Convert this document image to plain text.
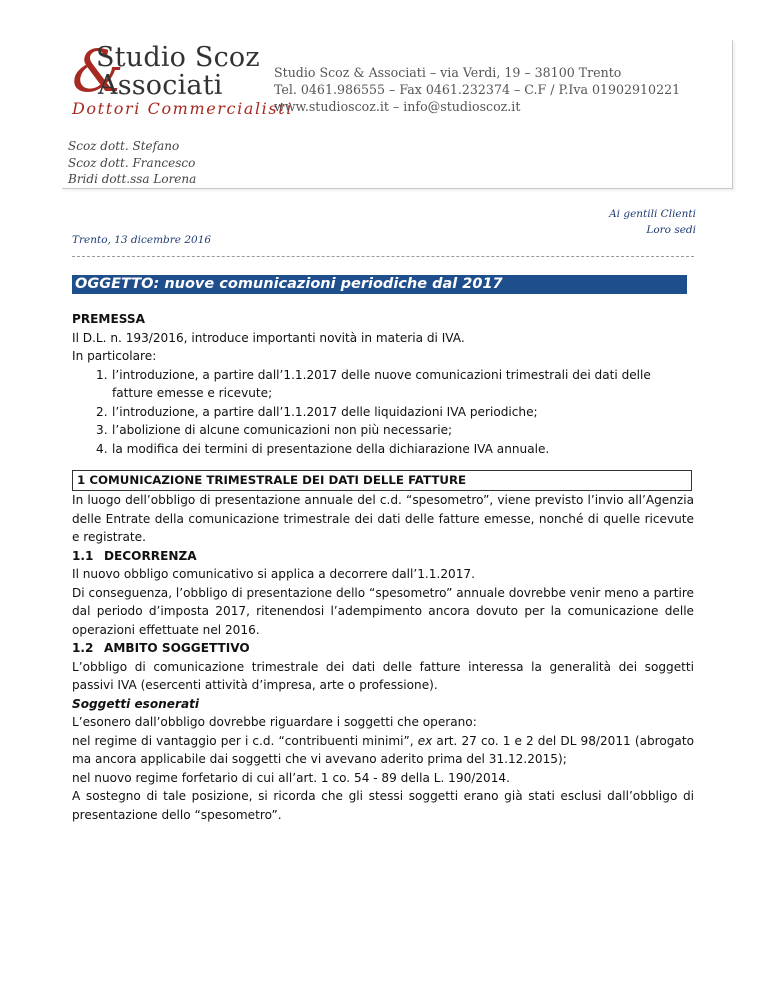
&
Studio Scoz
Associati
Dottori Commercialisti
Studio Scoz & Associati – via Verdi, 19 – 38100 Trento
Tel. 0461.986555 – Fax 0461.232374 – C.F / P.Iva 01902910221
www.studioscoz.it – info@studioscoz.it
Scoz dott. Stefano
Scoz dott. Francesco
Bridi dott.ssa Lorena
Ai gentili Clienti
Loro sedi
Trento, 13 dicembre 2016
OGGETTO: nuove comunicazioni periodiche dal 2017

PREMESSA

Il D.L. n. 193/2016, introduce importanti novità in materia di IVA.

In particolare:

1. l’introduzione, a partire dall’1.1.2017 delle nuove comunicazioni trimestrali dei dati delle fatture emesse e ricevute;
2. l’introduzione, a partire dall’1.1.2017 delle liquidazioni IVA periodiche;
3. l’abolizione di alcune comunicazioni non più necessarie;
4. la modifica dei termini di presentazione della dichiarazione IVA annuale.
1 COMUNICAZIONE TRIMESTRALE DEI DATI DELLE FATTURE

In luogo dell’obbligo di presentazione annuale del c.d. “spesometro”, viene previsto l’invio all’Agenzia delle Entrate della comunicazione trimestrale dei dati delle fatture emesse, nonché di quelle ricevute e registrate.

1.1 DECORRENZA

Il nuovo obbligo comunicativo si applica a decorrere dall’1.1.2017.

Di conseguenza, l’obbligo di presentazione dello “spesometro” annuale dovrebbe venir meno a partire dal periodo d’imposta 2017, ritenendosi l’adempimento ancora dovuto per la comunicazione delle operazioni effettuate nel 2016.

1.2 AMBITO SOGGETTIVO

L’obbligo di comunicazione trimestrale dei dati delle fatture interessa la generalità dei soggetti passivi IVA (esercenti attività d’impresa, arte o professione).

Soggetti esonerati

L’esonero dall’obbligo dovrebbe riguardare i soggetti che operano:

nel regime di vantaggio per i c.d. “contribuenti minimi”, ex art. 27 co. 1 e 2 del DL 98/2011 (abrogato ma ancora applicabile dai soggetti che vi avevano aderito prima del 31.12.2015);

nel nuovo regime forfetario di cui all’art. 1 co. 54 - 89 della L. 190/2014.

A sostegno di tale posizione, si ricorda che gli stessi soggetti erano già stati esclusi dall’obbligo di presentazione dello “spesometro”.
